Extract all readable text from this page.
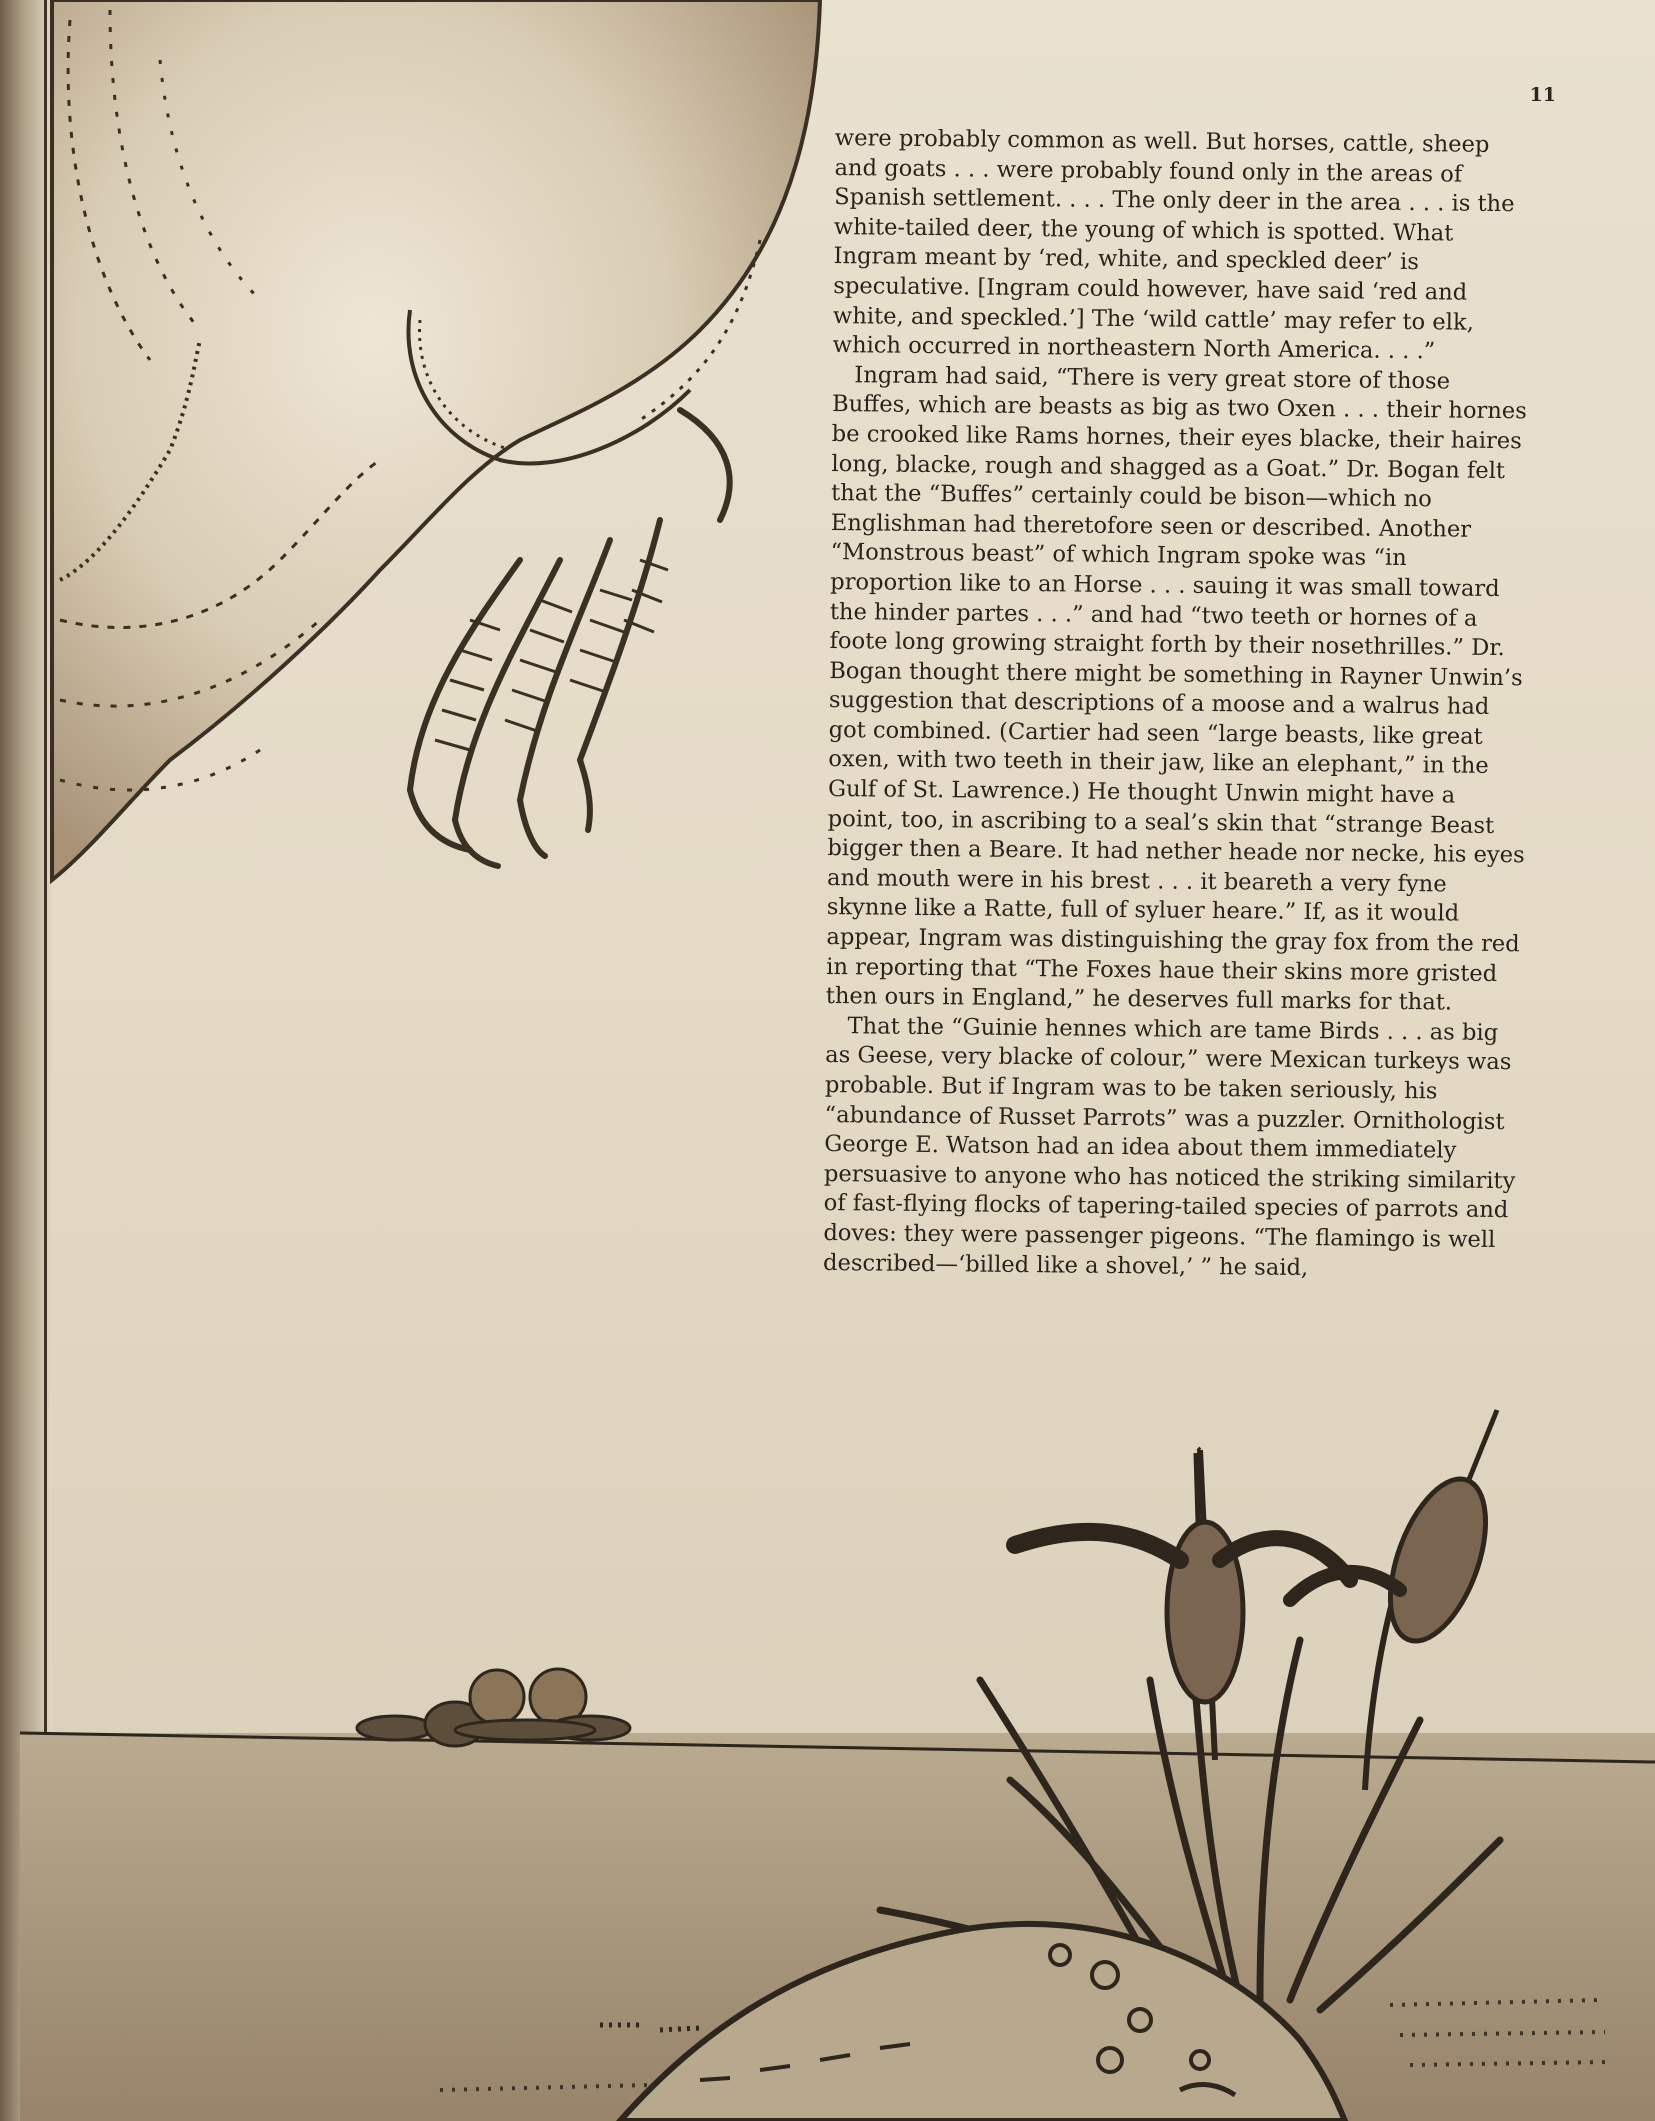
11

were probably common as well. But horses, cattle, sheep and goats . . . were probably found only in the areas of Spanish settlement. . . . The only deer in the area . . . is the white-tailed deer, the young of which is spotted. What Ingram meant by ‘red, white, and speckled deer’ is speculative. [Ingram could however, have said ‘red and white, and speckled.’] The ‘wild cattle’ may refer to elk, which occurred in northeastern North America. . . .”

Ingram had said, “There is very great store of those Buffes, which are beasts as big as two Oxen . . . their hornes be crooked like Rams hornes, their eyes blacke, their haires long, blacke, rough and shagged as a Goat.” Dr. Bogan felt that the “Buffes” certainly could be bison—which no Englishman had theretofore seen or described. Another “Monstrous beast” of which Ingram spoke was “in proportion like to an Horse . . . sauing it was small toward the hinder partes . . .” and had “two teeth or hornes of a foote long growing straight forth by their nosethrilles.” Dr. Bogan thought there might be something in Rayner Unwin’s suggestion that descriptions of a moose and a walrus had got combined. (Cartier had seen “large beasts, like great oxen, with two teeth in their jaw, like an elephant,” in the Gulf of St. Lawrence.) He thought Unwin might have a point, too, in ascribing to a seal’s skin that “strange Beast bigger then a Beare. It had nether heade nor necke, his eyes and mouth were in his brest . . . it beareth a very fyne skynne like a Ratte, full of syluer heare.” If, as it would appear, Ingram was distinguishing the gray fox from the red in reporting that “The Foxes haue their skins more gristed then ours in England,” he deserves full marks for that.

That the “Guinie hennes which are tame Birds . . . as big as Geese, very blacke of colour,” were Mexican turkeys was probable. But if Ingram was to be taken seriously, his “abundance of Russet Parrots” was a puzzler. Ornithologist George E. Watson had an idea about them immediately persuasive to anyone who has noticed the striking similarity of fast-flying flocks of tapering-tailed species of parrots and doves: they were passenger pigeons. “The flamingo is well described—‘billed like a shovel,’ ” he said,
